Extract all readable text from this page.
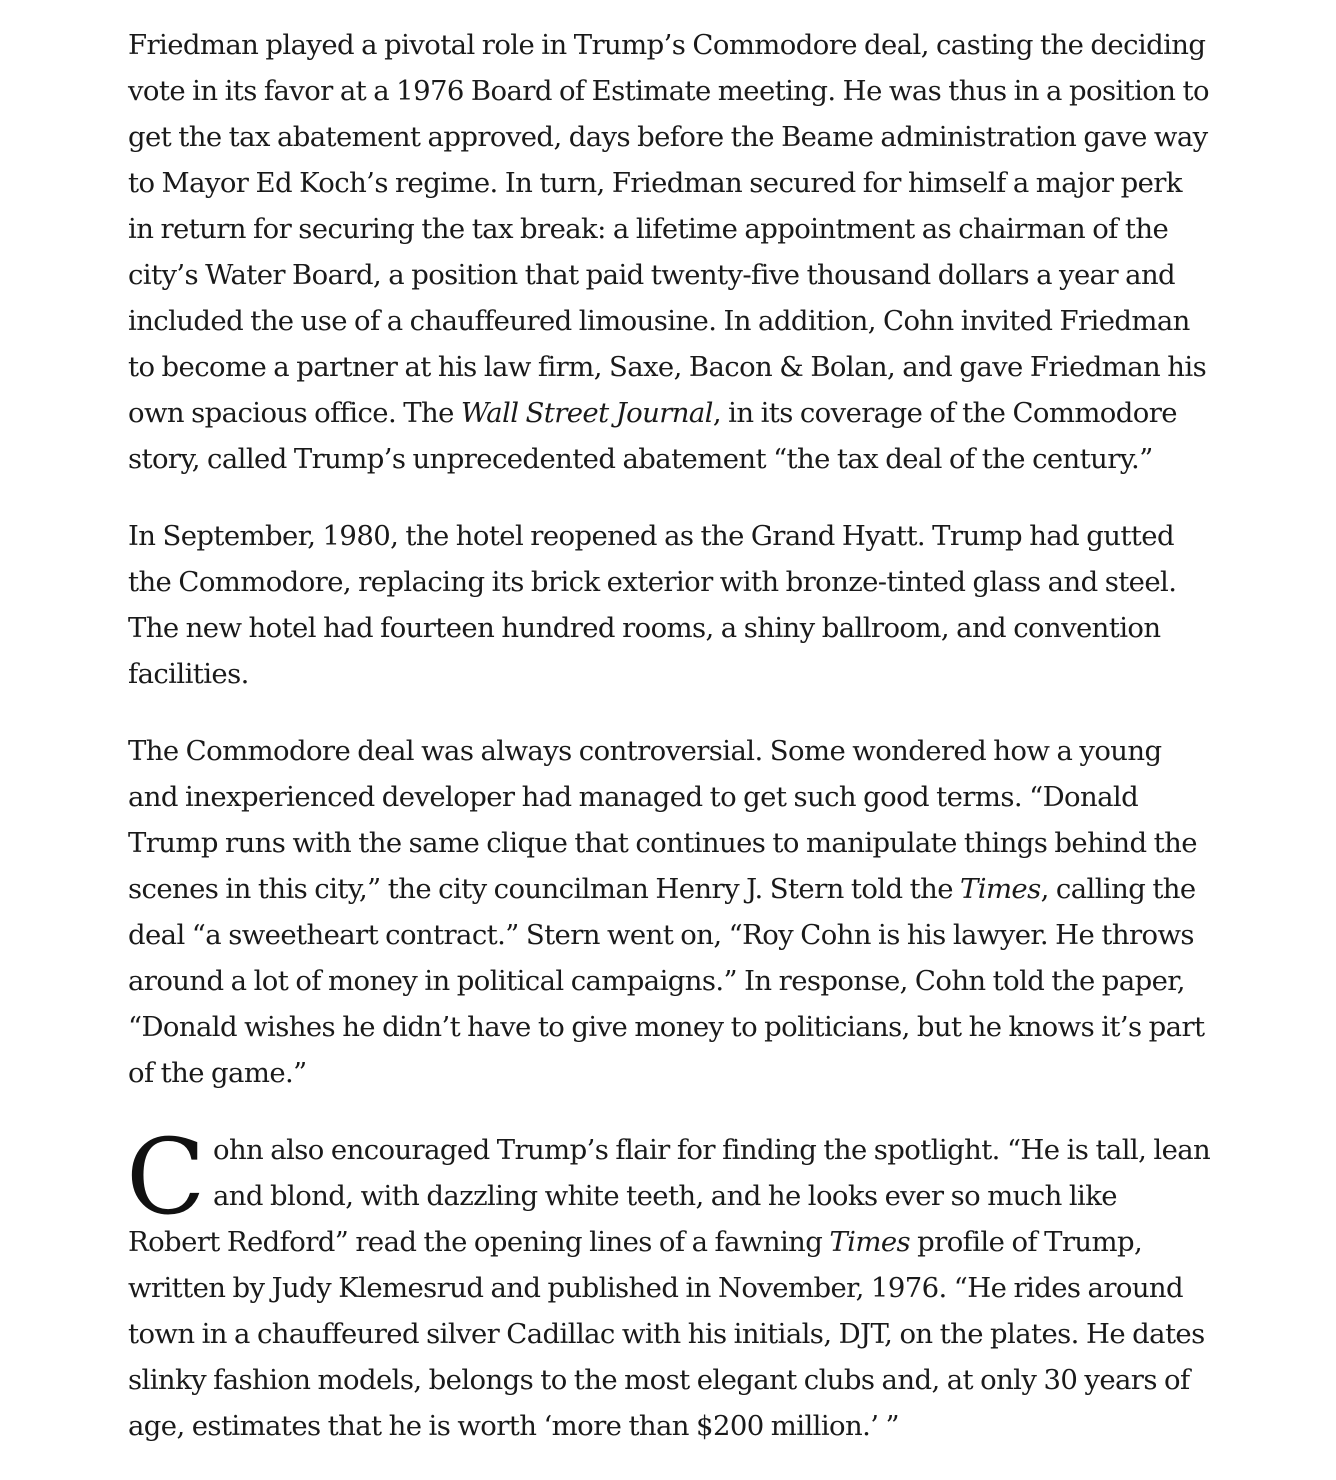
Friedman played a pivotal role in Trump’s Commodore deal, casting the deciding vote in its favor at a 1976 Board of Estimate meeting. He was thus in a position to get the tax abatement approved, days before the Beame administration gave way to Mayor Ed Koch’s regime. In turn, Friedman secured for himself a major perk in return for securing the tax break: a lifetime appointment as chairman of the city’s Water Board, a position that paid twenty-five thousand dollars a year and included the use of a chauffeured limousine. In addition, Cohn invited Friedman to become a partner at his law firm, Saxe, Bacon & Bolan, and gave Friedman his own spacious office. The Wall Street Journal, in its coverage of the Commodore story, called Trump’s unprecedented abatement “the tax deal of the century.”

In September, 1980, the hotel reopened as the Grand Hyatt. Trump had gutted the Commodore, replacing its brick exterior with bronze-tinted glass and steel. The new hotel had fourteen hundred rooms, a shiny ballroom, and convention facilities.

The Commodore deal was always controversial. Some wondered how a young and inexperienced developer had managed to get such good terms. “Donald Trump runs with the same clique that continues to manipulate things behind the scenes in this city,” the city councilman Henry J. Stern told the Times, calling the deal “a sweetheart contract.” Stern went on, “Roy Cohn is his lawyer. He throws around a lot of money in political campaigns.” In response, Cohn told the paper, “Donald wishes he didn’t have to give money to politicians, but he knows it’s part of the game.”

Cohn also encouraged Trump’s flair for finding the spotlight. “He is tall, lean and blond, with dazzling white teeth, and he looks ever so much like Robert Redford” read the opening lines of a fawning Times profile of Trump, written by Judy Klemesrud and published in November, 1976. “He rides around town in a chauffeured silver Cadillac with his initials, DJT, on the plates. He dates slinky fashion models, belongs to the most elegant clubs and, at only 30 years of age, estimates that he is worth ‘more than $200 million.’ ”
